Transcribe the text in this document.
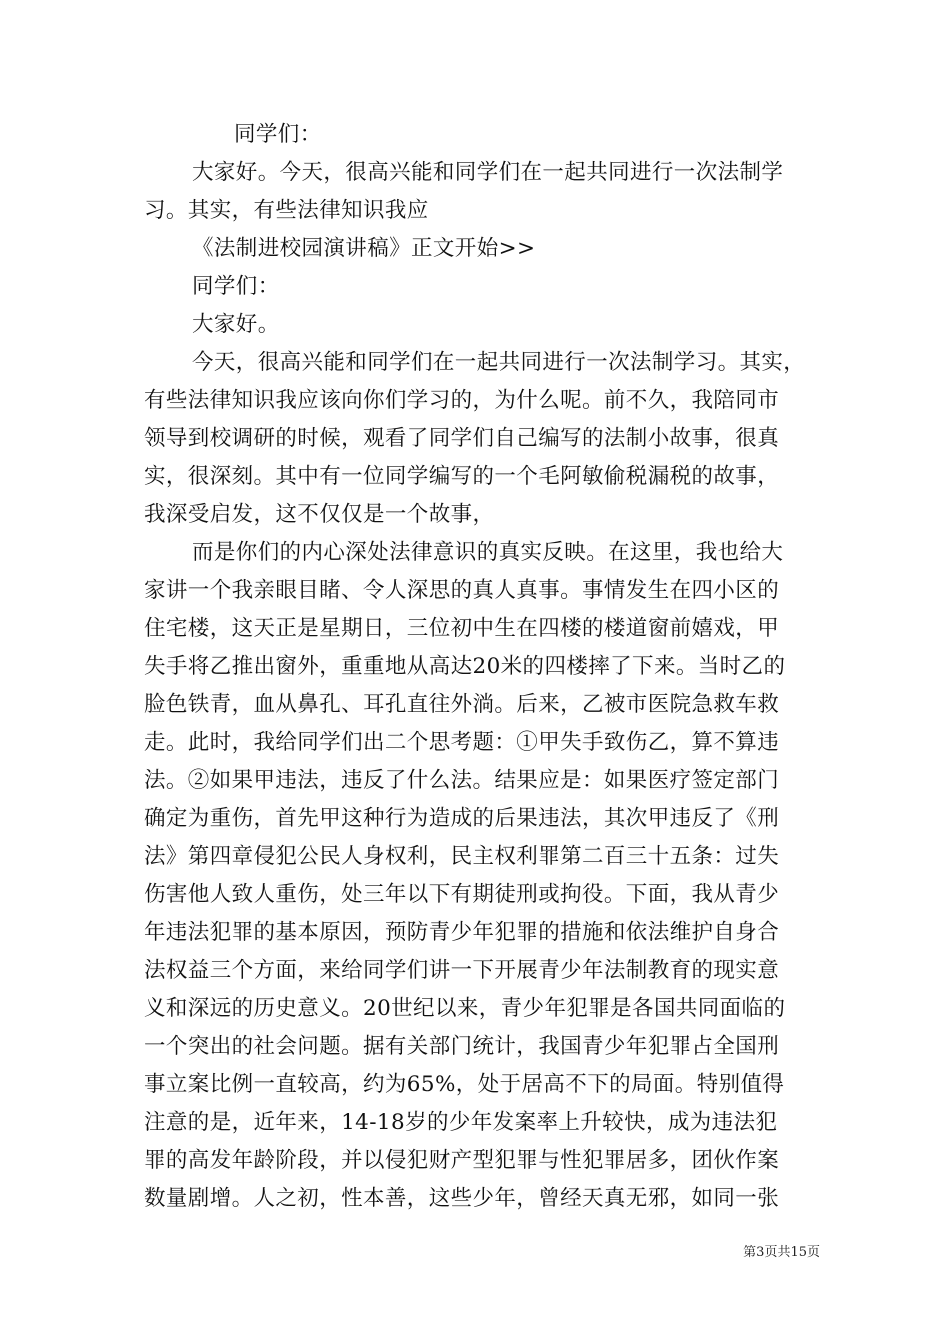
同学们：
大家好。今天，很高兴能和同学们在一起共同进行一次法制学
习。其实，有些法律知识我应
《法制进校园演讲稿》正文开始>>
同学们：
大家好。
今天，很高兴能和同学们在一起共同进行一次法制学习。其实，
有些法律知识我应该向你们学习的，为什么呢。前不久，我陪同市
领导到校调研的时候，观看了同学们自己编写的法制小故事，很真
实，很深刻。其中有一位同学编写的一个毛阿敏偷税漏税的故事，
我深受启发，这不仅仅是一个故事，
而是你们的内心深处法律意识的真实反映。在这里，我也给大
家讲一个我亲眼目睹、令人深思的真人真事。事情发生在四小区的
住宅楼，这天正是星期日，三位初中生在四楼的楼道窗前嬉戏，甲
失手将乙推出窗外，重重地从高达20米的四楼摔了下来。当时乙的
脸色铁青，血从鼻孔、耳孔直往外淌。后来，乙被市医院急救车救
走。此时，我给同学们出二个思考题：①甲失手致伤乙，算不算违
法。②如果甲违法，违反了什么法。结果应是：如果医疗签定部门
确定为重伤，首先甲这种行为造成的后果违法，其次甲违反了《刑
法》第四章侵犯公民人身权利，民主权利罪第二百三十五条：过失
伤害他人致人重伤，处三年以下有期徒刑或拘役。下面，我从青少
年违法犯罪的基本原因，预防青少年犯罪的措施和依法维护自身合
法权益三个方面，来给同学们讲一下开展青少年法制教育的现实意
义和深远的历史意义。20世纪以来，青少年犯罪是各国共同面临的
一个突出的社会问题。据有关部门统计，我国青少年犯罪占全国刑
事立案比例一直较高，约为65%，处于居高不下的局面。特别值得
注意的是，近年来，14-18岁的少年发案率上升较快，成为违法犯
罪的高发年龄阶段，并以侵犯财产型犯罪与性犯罪居多，团伙作案
数量剧增。人之初，性本善，这些少年，曾经天真无邪，如同一张
第3页共15页
